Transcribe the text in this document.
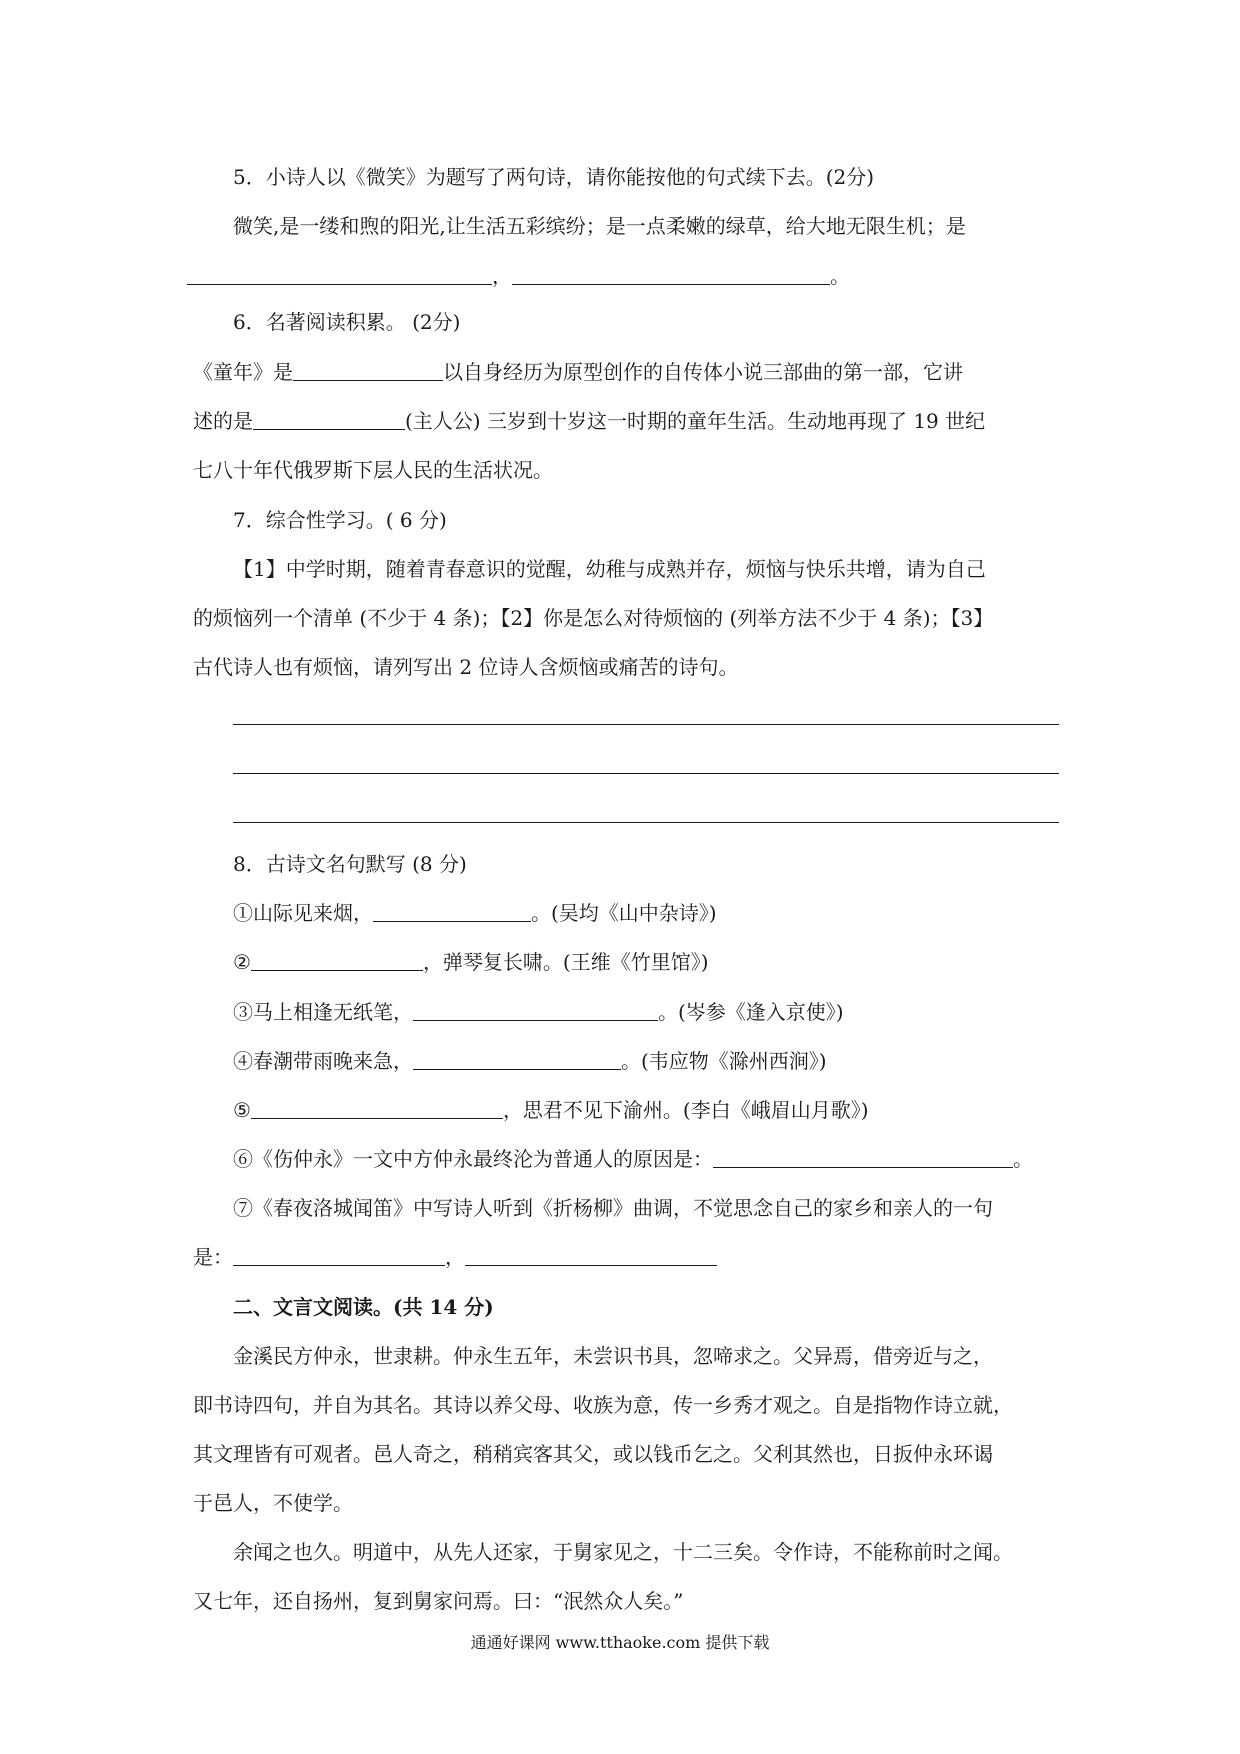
5．小诗人以《微笑》为题写了两句诗，请你能按他的句式续下去。(2分)
微笑,是一缕和煦的阳光,让生活五彩缤纷；是一点柔嫩的绿草，给大地无限生机；是
，	。
6．名著阅读积累。 (2分)
《童年》是	以自身经历为原型创作的自传体小说三部曲的第一部，它讲
述的是	(主人公) 三岁到十岁这一时期的童年生活。生动地再现了 19 世纪
七八十年代俄罗斯下层人民的生活状况。
7．综合性学习。( 6 分)
【1】中学时期，随着青春意识的觉醒，幼稚与成熟并存，烦恼与快乐共增，请为自己
的烦恼列一个清单 (不少于 4 条)；【2】你是怎么对待烦恼的 (列举方法不少于 4 条)；【3】
古代诗人也有烦恼，请列写出 2 位诗人含烦恼或痛苦的诗句。
8．古诗文名句默写 (8 分)
①山际见来烟，	。(吴均《山中杂诗》)
②	，弹琴复长啸。(王维《竹里馆》)
③马上相逢无纸笔，	。(岑参《逢入京使》)
④春潮带雨晚来急，	。(韦应物《滁州西涧》)
⑤	，思君不见下渝州。(李白《峨眉山月歌》)
⑥《伤仲永》一文中方仲永最终沦为普通人的原因是：	。
⑦《春夜洛城闻笛》中写诗人听到《折杨柳》曲调，不觉思念自己的家乡和亲人的一句
是：	，
二、文言文阅读。(共 14 分)
金溪民方仲永，世隶耕。仲永生五年，未尝识书具，忽啼求之。父异焉，借旁近与之，
即书诗四句，并自为其名。其诗以养父母、收族为意，传一乡秀才观之。自是指物作诗立就，
其文理皆有可观者。邑人奇之，稍稍宾客其父，或以钱币乞之。父利其然也，日扳仲永环谒
于邑人，不使学。
余闻之也久。明道中，从先人还家，于舅家见之，十二三矣。令作诗，不能称前时之闻。
又七年，还自扬州，复到舅家问焉。曰：“泯然众人矣。”
通通好课网 www.tthaoke.com 提供下载
